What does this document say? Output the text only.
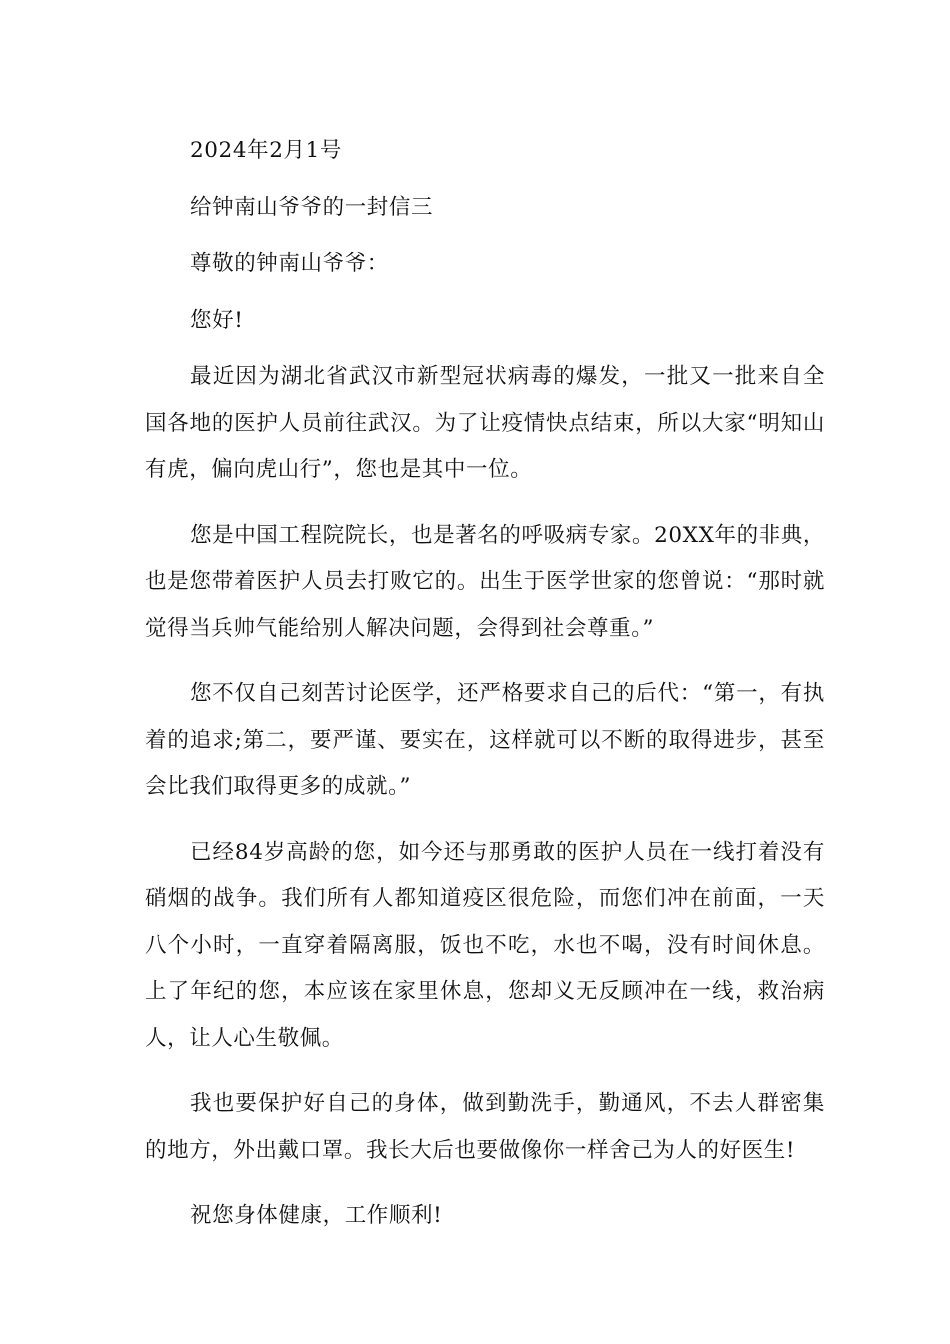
2024年2月1号

给钟南山爷爷的一封信三

尊敬的钟南山爷爷：

您好!

最近因为湖北省武汉市新型冠状病毒的爆发，一批又一批来自全国各地的医护人员前往武汉。为了让疫情快点结束，所以大家“明知山有虎，偏向虎山行”，您也是其中一位。

您是中国工程院院长，也是著名的呼吸病专家。20XX年的非典，也是您带着医护人员去打败它的。出生于医学世家的您曾说：“那时就觉得当兵帅气能给别人解决问题，会得到社会尊重。”

您不仅自己刻苦讨论医学，还严格要求自己的后代：“第一，有执着的追求;第二，要严谨、要实在，这样就可以不断的取得进步，甚至会比我们取得更多的成就。”

已经84岁高龄的您，如今还与那勇敢的医护人员在一线打着没有硝烟的战争。我们所有人都知道疫区很危险，而您们冲在前面，一天八个小时，一直穿着隔离服，饭也不吃，水也不喝，没有时间休息。上了年纪的您，本应该在家里休息，您却义无反顾冲在一线，救治病人，让人心生敬佩。

我也要保护好自己的身体，做到勤洗手，勤通风，不去人群密集的地方，外出戴口罩。我长大后也要做像你一样舍己为人的好医生!

祝您身体健康，工作顺利!
